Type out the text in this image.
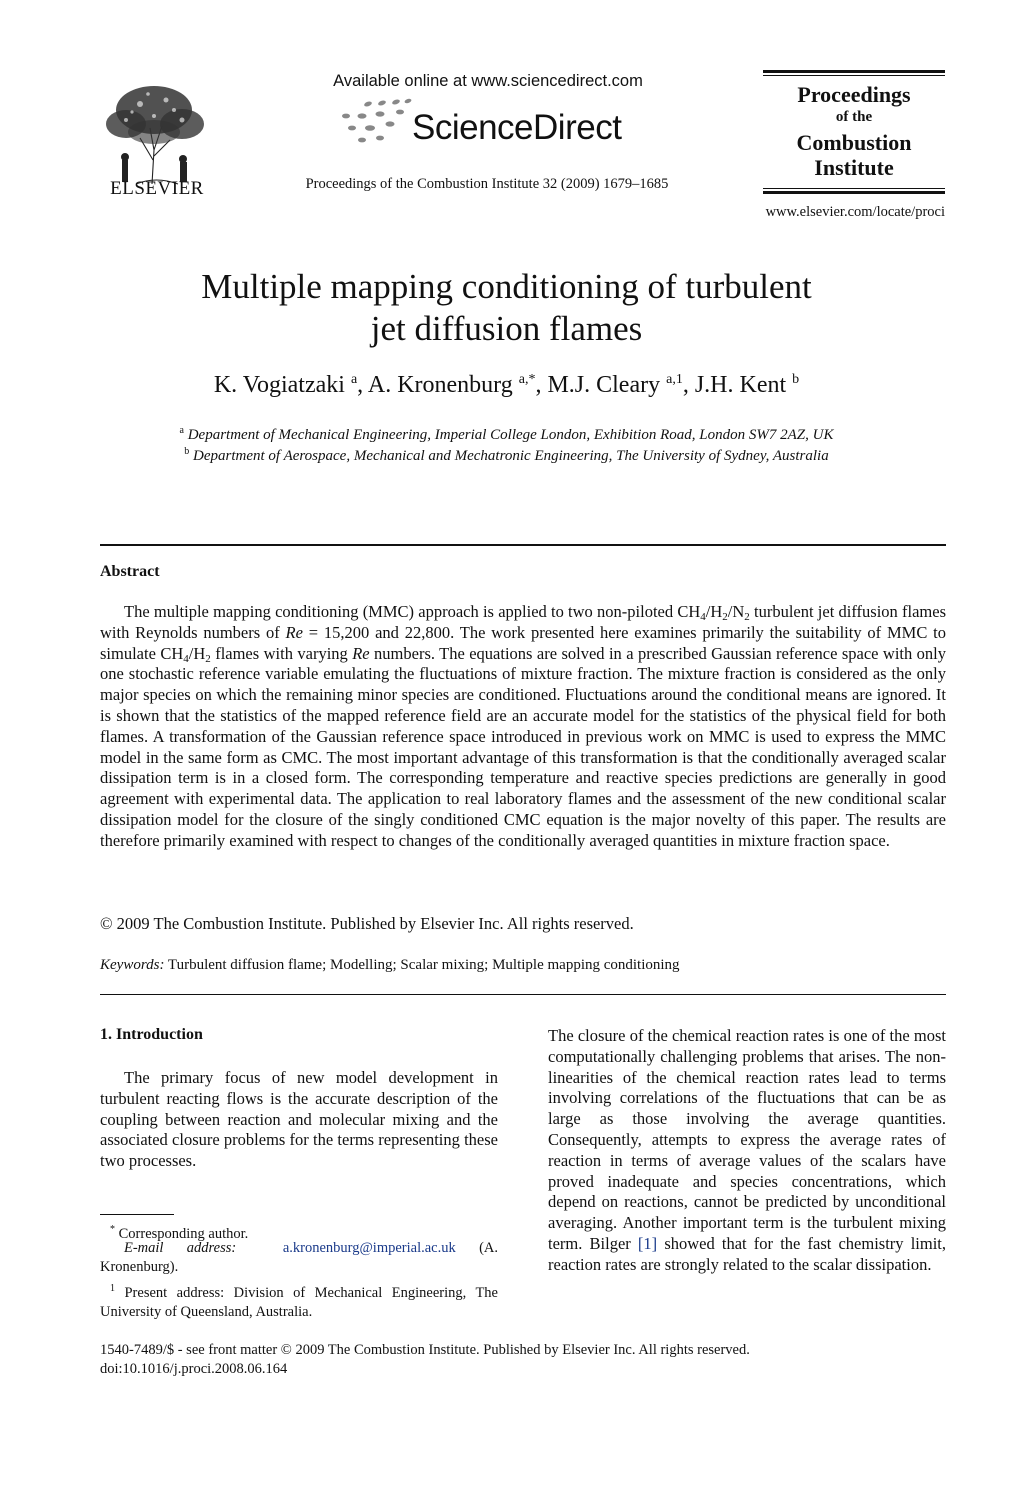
ELSEVIER
Available online at www.sciencedirect.com
ScienceDirect
Proceedings of the Combustion Institute 32 (2009) 1679–1685
Proceedings
of the
Combustion
Institute
www.elsevier.com/locate/proci
Multiple mapping conditioning of turbulent
jet diffusion flames
K. Vogiatzaki $^a$, A. Kronenburg $^{a,*}$, M.J. Cleary $^{a,1}$, J.H. Kent $^b$
$^a$ Department of Mechanical Engineering, Imperial College London, Exhibition Road, London SW7 2AZ, UK
$^b$ Department of Aerospace, Mechanical and Mechatronic Engineering, The University of Sydney, Australia
Abstract
The multiple mapping conditioning (MMC) approach is applied to two non-piloted $CH_4/H_2/N_2$ turbulent jet diffusion flames with Reynolds numbers of Re = 15,200 and 22,800. The work presented here examines primarily the suitability of MMC to simulate $CH_4/H_2$ flames with varying Re numbers. The equations are solved in a prescribed Gaussian reference space with only one stochastic reference variable emulating the fluctuations of mixture fraction. The mixture fraction is considered as the only major species on which the remaining minor species are conditioned. Fluctuations around the conditional means are ignored. It is shown that the statistics of the mapped reference field are an accurate model for the statistics of the physical field for both flames. A transformation of the Gaussian reference space introduced in previous work on MMC is used to express the MMC model in the same form as CMC. The most important advantage of this transformation is that the conditionally averaged scalar dissipation term is in a closed form. The corresponding temperature and reactive species predictions are generally in good agreement with experimental data. The application to real laboratory flames and the assessment of the new conditional scalar dissipation model for the closure of the singly conditioned CMC equation is the major novelty of this paper. The results are therefore primarily examined with respect to changes of the conditionally averaged quantities in mixture fraction space.
© 2009 The Combustion Institute. Published by Elsevier Inc. All rights reserved.
Keywords: Turbulent diffusion flame; Modelling; Scalar mixing; Multiple mapping conditioning
1. Introduction
The primary focus of new model development in turbulent reacting flows is the accurate description of the coupling between reaction and molecular mixing and the associated closure problems for the terms representing these two processes.
* Corresponding author.
E-mail address:	a.kronenburg@imperial.ac.uk (A. Kronenburg).
$^1$ Present address: Division of Mechanical Engineering, The University of Queensland, Australia.
The closure of the chemical reaction rates is one of the most computationally challenging problems that arises. The non-linearities of the chemical reaction rates lead to terms involving correlations of the fluctuations that can be as large as those involving the average quantities. Consequently, attempts to express the average rates of reaction in terms of average values of the scalars have proved inadequate and species concentrations, which depend on reactions, cannot be predicted by unconditional averaging. Another important term is the turbulent mixing term. Bilger [1] showed that for the fast chemistry limit, reaction rates are strongly related to the scalar dissipation.
1540-7489/$ - see front matter © 2009 The Combustion Institute. Published by Elsevier Inc. All rights reserved.
doi:10.1016/j.proci.2008.06.164
